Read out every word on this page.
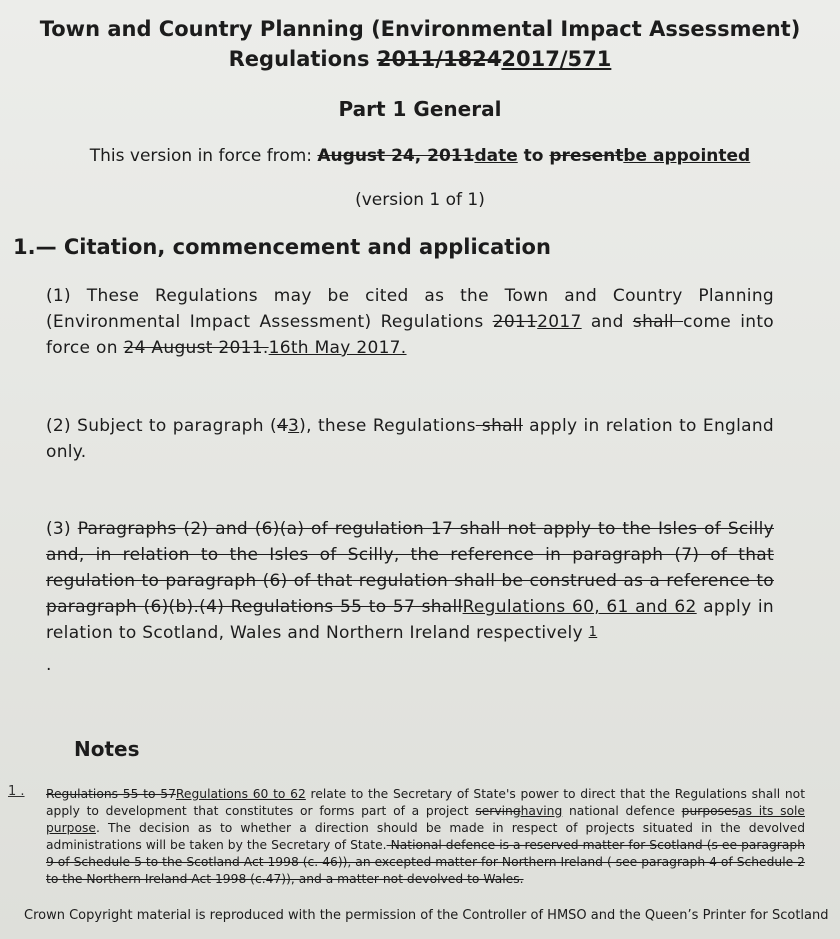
Town and Country Planning (Environmental Impact Assessment)
Regulations 2011/18242017/571
Part 1 General
This version in force from: August 24, 2011date to presentbe appointed
(version 1 of 1)
1.— Citation, commencement and application
(1) These Regulations may be cited as the Town and Country Planning (Environmental Impact Assessment) Regulations 20112017 and shall come into force on 24 August 2011.16th May 2017.
(2) Subject to paragraph (43), these Regulations shall apply in relation to England only.
(3) Paragraphs (2) and (6)(a) of regulation 17 shall not apply to the Isles of Scilly and, in relation to the Isles of Scilly, the reference in paragraph (7) of that regulation to paragraph (6) of that regulation shall be construed as a reference to paragraph (6)(b).(4) Regulations 55 to 57 shallRegulations 60, 61 and 62 apply in relation to Scotland, Wales and Northern Ireland respectively $^1$
.
Notes
1 . Regulations 55 to 57Regulations 60 to 62 relate to the Secretary of State's power to direct that the Regulations shall not apply to development that constitutes or forms part of a project servinghaving national defence purposesas its sole purpose. The decision as to whether a direction should be made in respect of projects situated in the devolved administrations will be taken by the Secretary of State. National defence is a reserved matter for Scotland (s ee paragraph 9 of Schedule 5 to the Scotland Act 1998 (c. 46)), an excepted matter for Northern Ireland ( see paragraph 4 of Schedule 2 to the Northern Ireland Act 1998 (c.47)), and a matter not devolved to Wales.
Crown Copyright material is reproduced with the permission of the Controller of HMSO and the Queen’s Printer for Scotland
